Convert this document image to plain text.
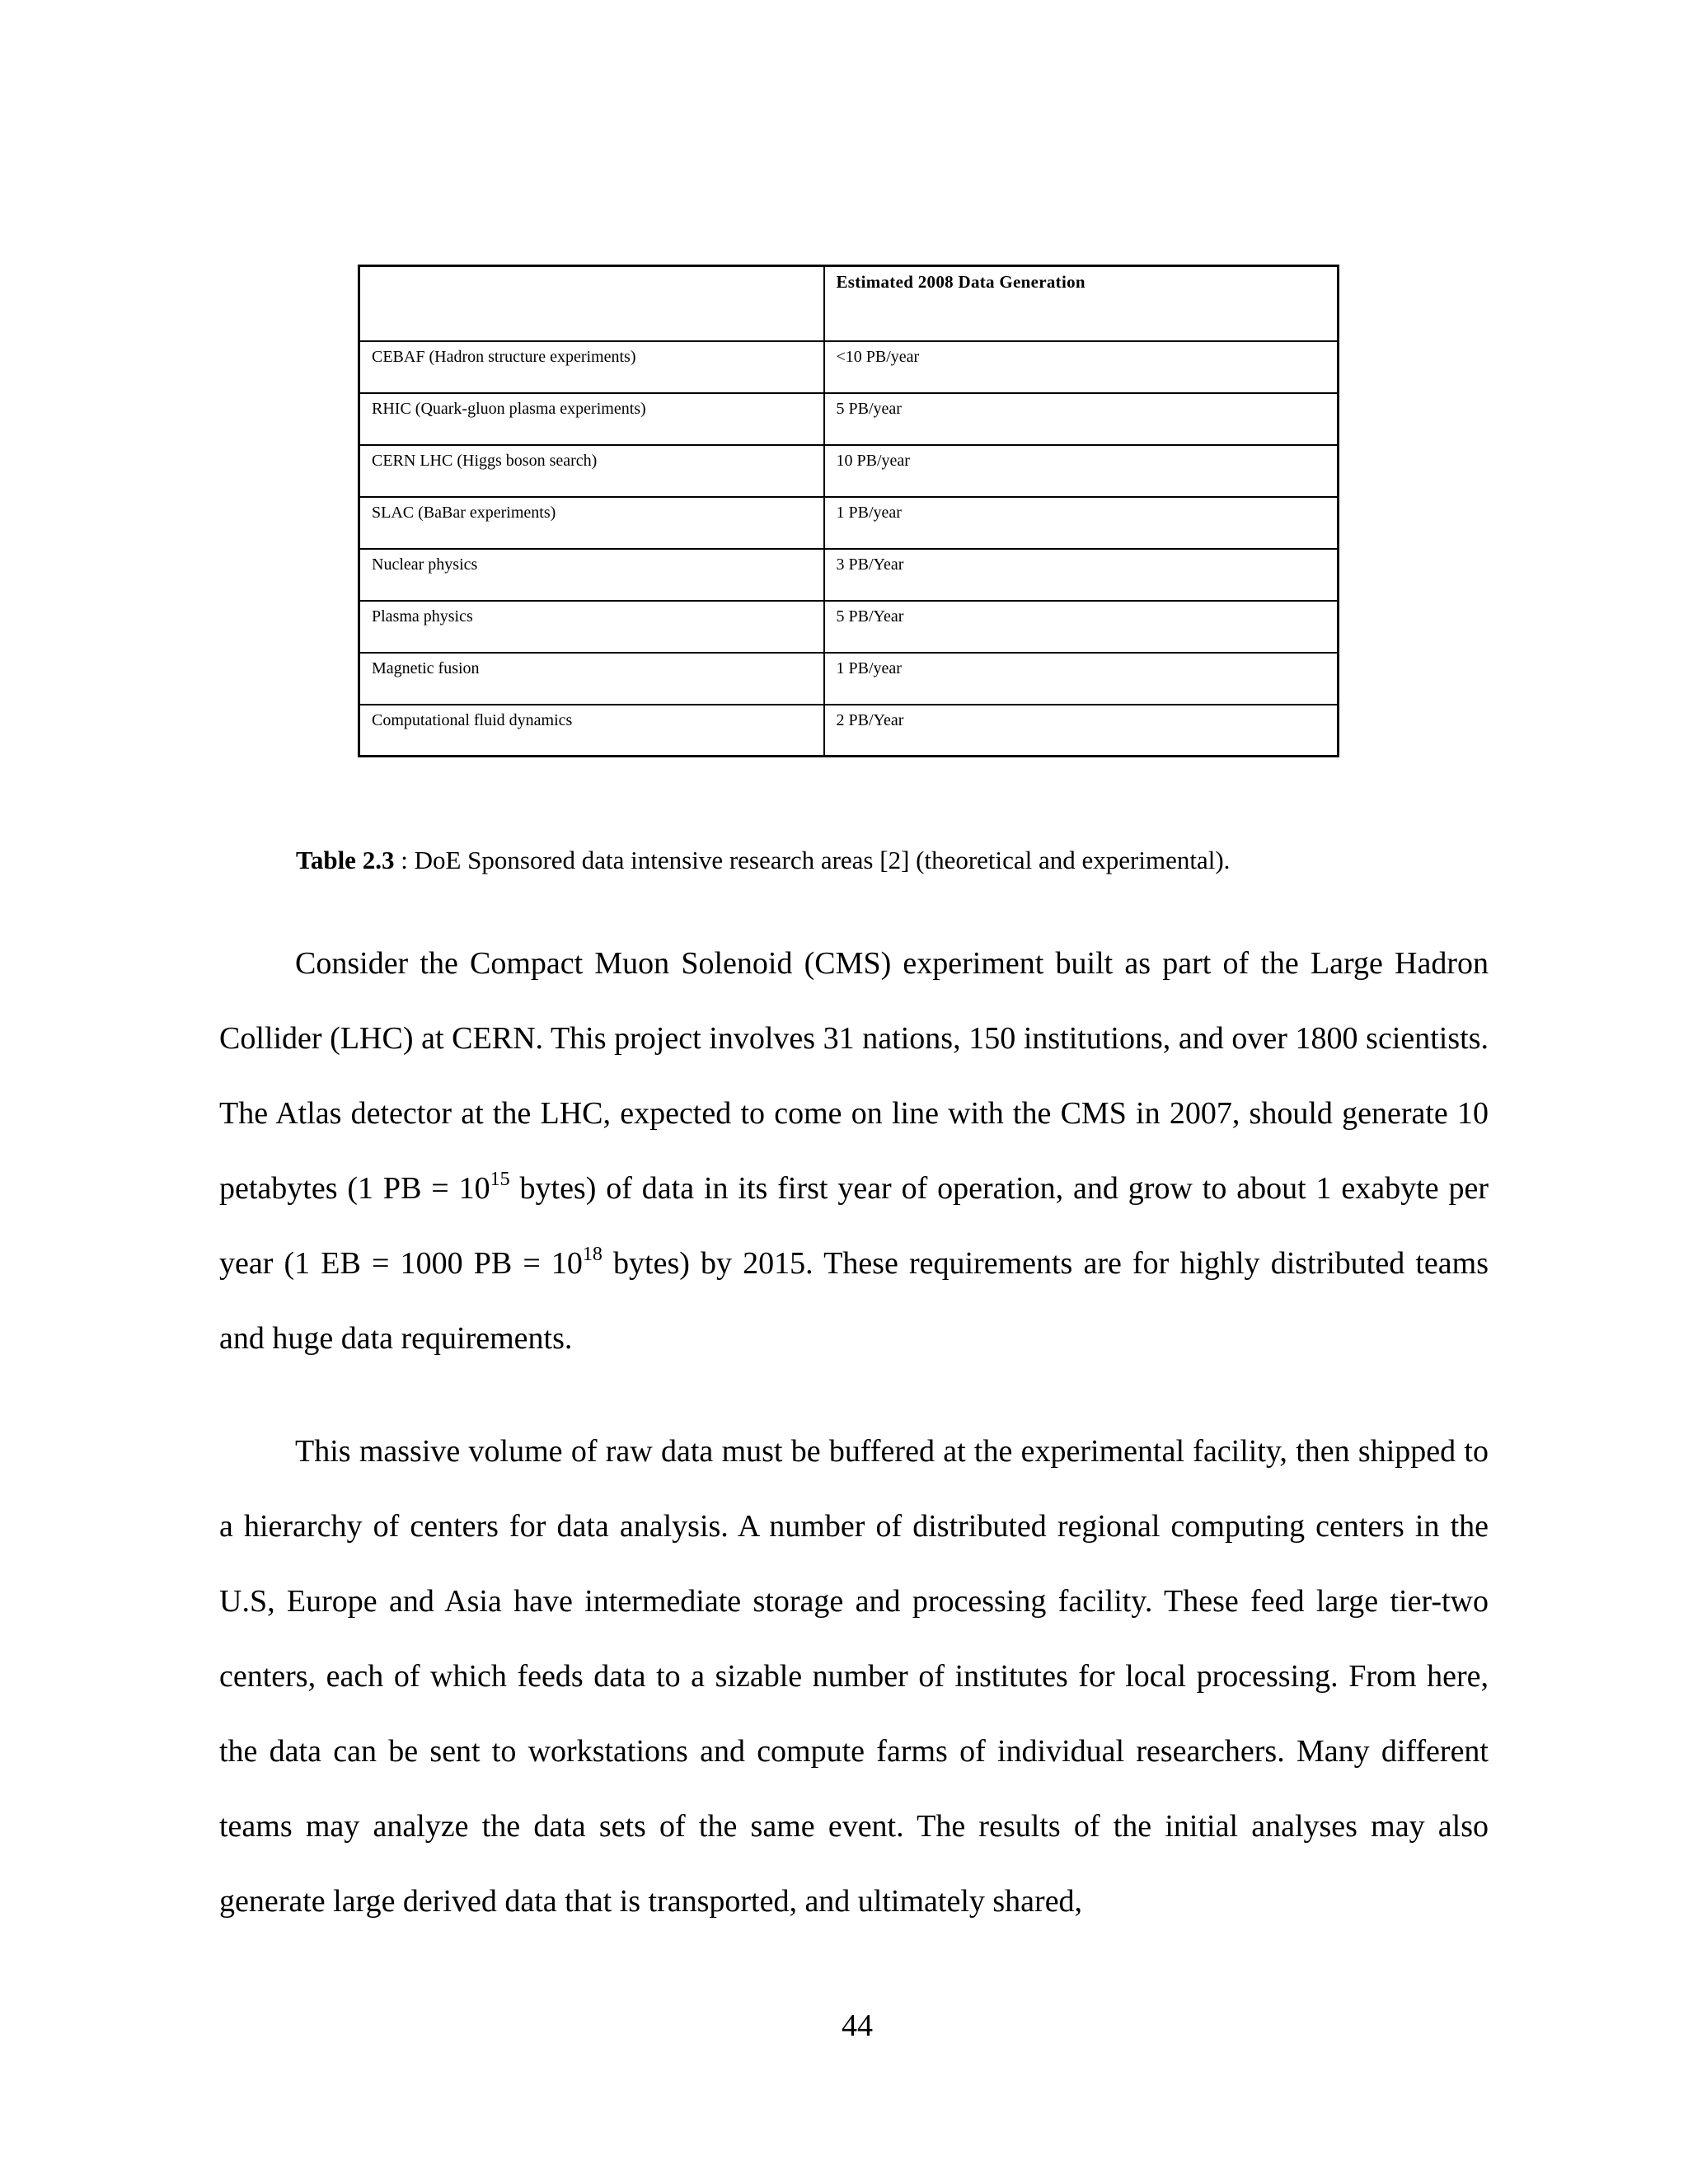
	Estimated 2008 Data Generation
CEBAF (Hadron structure experiments)	<10 PB/year
RHIC (Quark-gluon plasma experiments)	5 PB/year
CERN LHC (Higgs boson search)	10 PB/year
SLAC (BaBar experiments)	1 PB/year
Nuclear physics	3 PB/Year
Plasma physics	5 PB/Year
Magnetic fusion	1 PB/year
Computational fluid dynamics	2 PB/Year
Table 2.3 : DoE Sponsored data intensive research areas [2] (theoretical and experimental).

Consider the Compact Muon Solenoid (CMS) experiment built as part of the Large Hadron Collider (LHC) at CERN. This project involves 31 nations, 150 institutions, and over 1800 scientists. The Atlas detector at the LHC, expected to come on line with the CMS in 2007, should generate 10 petabytes (1 PB = $10^{15}$ bytes) of data in its first year of operation, and grow to about 1 exabyte per year (1 EB = 1000 PB = $10^{18}$ bytes) by 2015. These requirements are for highly distributed teams and huge data requirements.

This massive volume of raw data must be buffered at the experimental facility, then shipped to a hierarchy of centers for data analysis. A number of distributed regional computing centers in the U.S, Europe and Asia have intermediate storage and processing facility. These feed large tier-two centers, each of which feeds data to a sizable number of institutes for local processing. From here, the data can be sent to workstations and compute farms of individual researchers. Many different teams may analyze the data sets of the same event. The results of the initial analyses may also generate large derived data that is transported, and ultimately shared,

44
